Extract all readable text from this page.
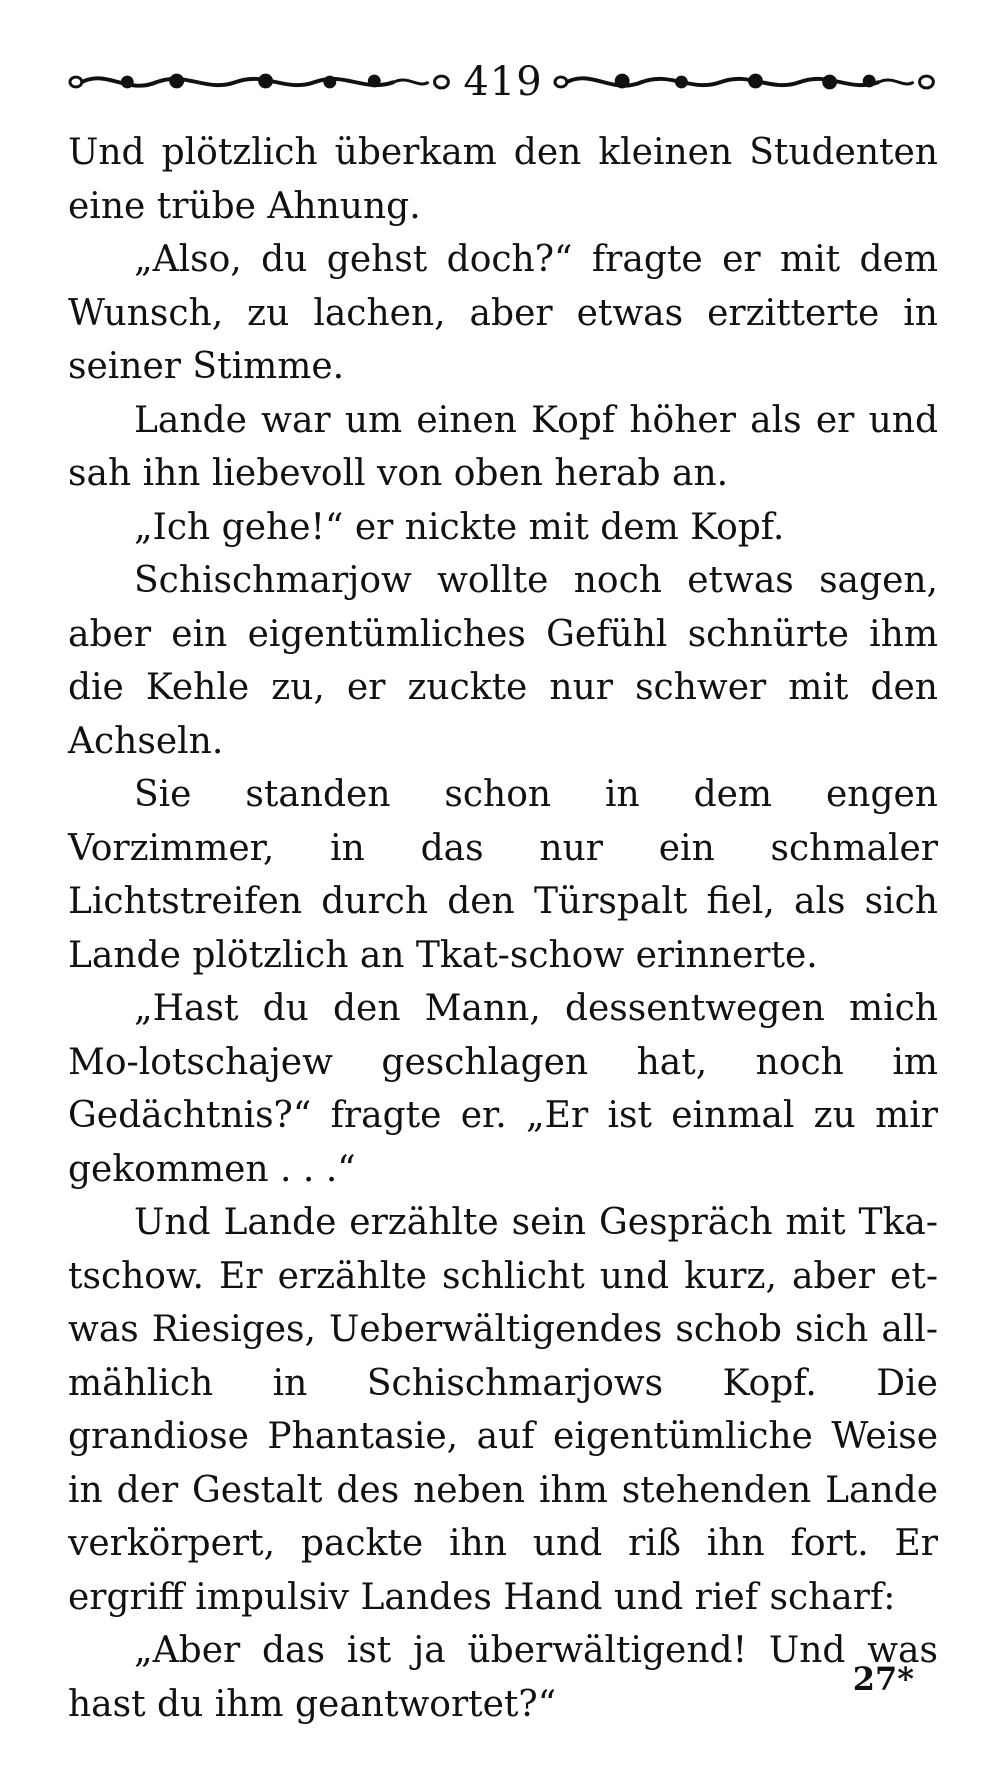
419

Und plötzlich überkam den kleinen Studenten eine trübe Ahnung.

„Also, du gehst doch?“ fragte er mit dem Wunsch, zu lachen, aber etwas erzitterte in seiner Stimme.

Lande war um einen Kopf höher als er und sah ihn liebevoll von oben herab an.

„Ich gehe!“ er nickte mit dem Kopf.

Schischmarjow wollte noch etwas sagen, aber ein eigentümliches Gefühl schnürte ihm die Kehle zu, er zuckte nur schwer mit den Achseln.

Sie standen schon in dem engen Vorzimmer, in das nur ein schmaler Lichtstreifen durch den Türspalt fiel, als sich Lande plötzlich an Tkat-schow erinnerte.

„Hast du den Mann, dessentwegen mich Mo-lotschajew geschlagen hat, noch im Gedächtnis?“ fragte er. „Er ist einmal zu mir gekommen . . .“

Und Lande erzählte sein Gespräch mit Tka-tschow. Er erzählte schlicht und kurz, aber et-was Riesiges, Ueberwältigendes schob sich all-mählich in Schischmarjows Kopf. Die grandiose Phantasie, auf eigentümliche Weise in der Gestalt des neben ihm stehenden Lande verkörpert, packte ihn und riß ihn fort. Er ergriff impulsiv Landes Hand und rief scharf:

„Aber das ist ja überwältigend! Und was hast du ihm geantwortet?“

27*
